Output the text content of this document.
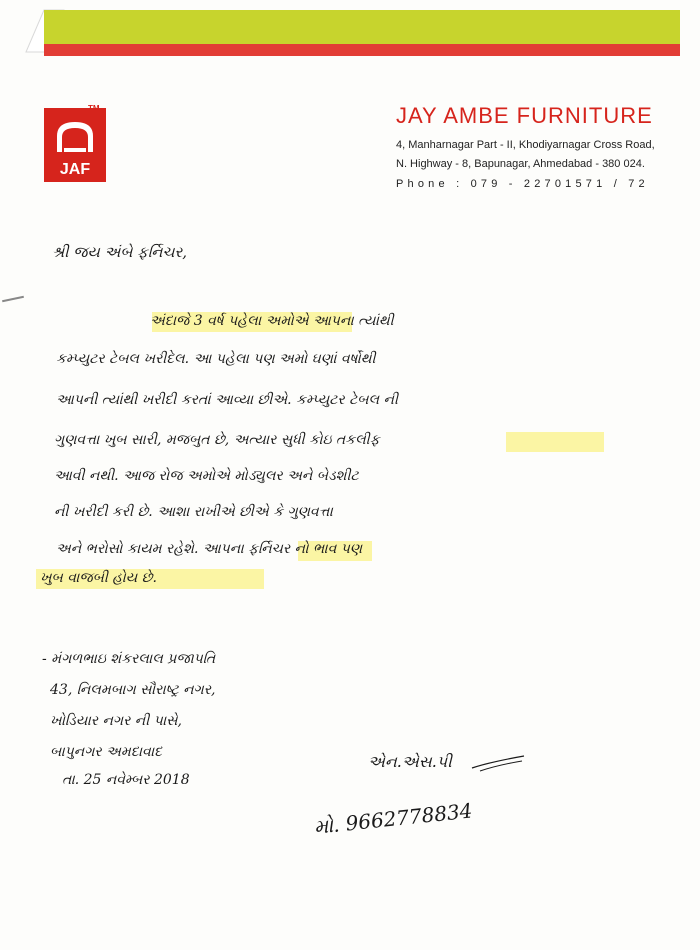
JAF
TM	JAY AMBE FURNITURE
4, Manharnagar Part - II, Khodiyarnagar Cross Road,
N. Highway - 8, Bapunagar, Ahmedabad - 380 024.
Phone : 079 - 22701571 / 72
શ્રી જય અંબે ફર્નિચર,
અંદાજે 3 વર્ષ પહેલા અમોએ આપના ત્યાંથી
કમ્પ્યુટર ટેબલ ખરીદેલ. આ પહેલા પણ અમો ઘણાં વર્ષોથી
આપની ત્યાંથી ખરીદી કરતાં આવ્યા છીએ. કમ્પ્યુટર ટેબલ ની
ગુણવત્તા ખુબ સારી, મજબુત છે, અત્યાર સુધી કોઇ તકલીફ
આવી નથી. આજ રોજ અમોએ મોડ્યુલર અને બેડશીટ
ની ખરીદી કરી છે. આશા રાખીએ છીએ કે ગુણવત્તા
અને ભરોસો કાયમ રહેશે. આપના ફર્નિચર નો ભાવ પણ
ખુબ વાજબી હોય છે.
- મંગળભાઇ શંકરલાલ પ્રજાપતિ
43, નિલમબાગ સૌરાષ્ટ્ર નગર,
ખોડિયાર નગર ની પાસે,
બાપુનગર અમદાવાદ
તા. 25 નવેમ્બર 2018
એન.એસ.પી
મો. 9662778834
